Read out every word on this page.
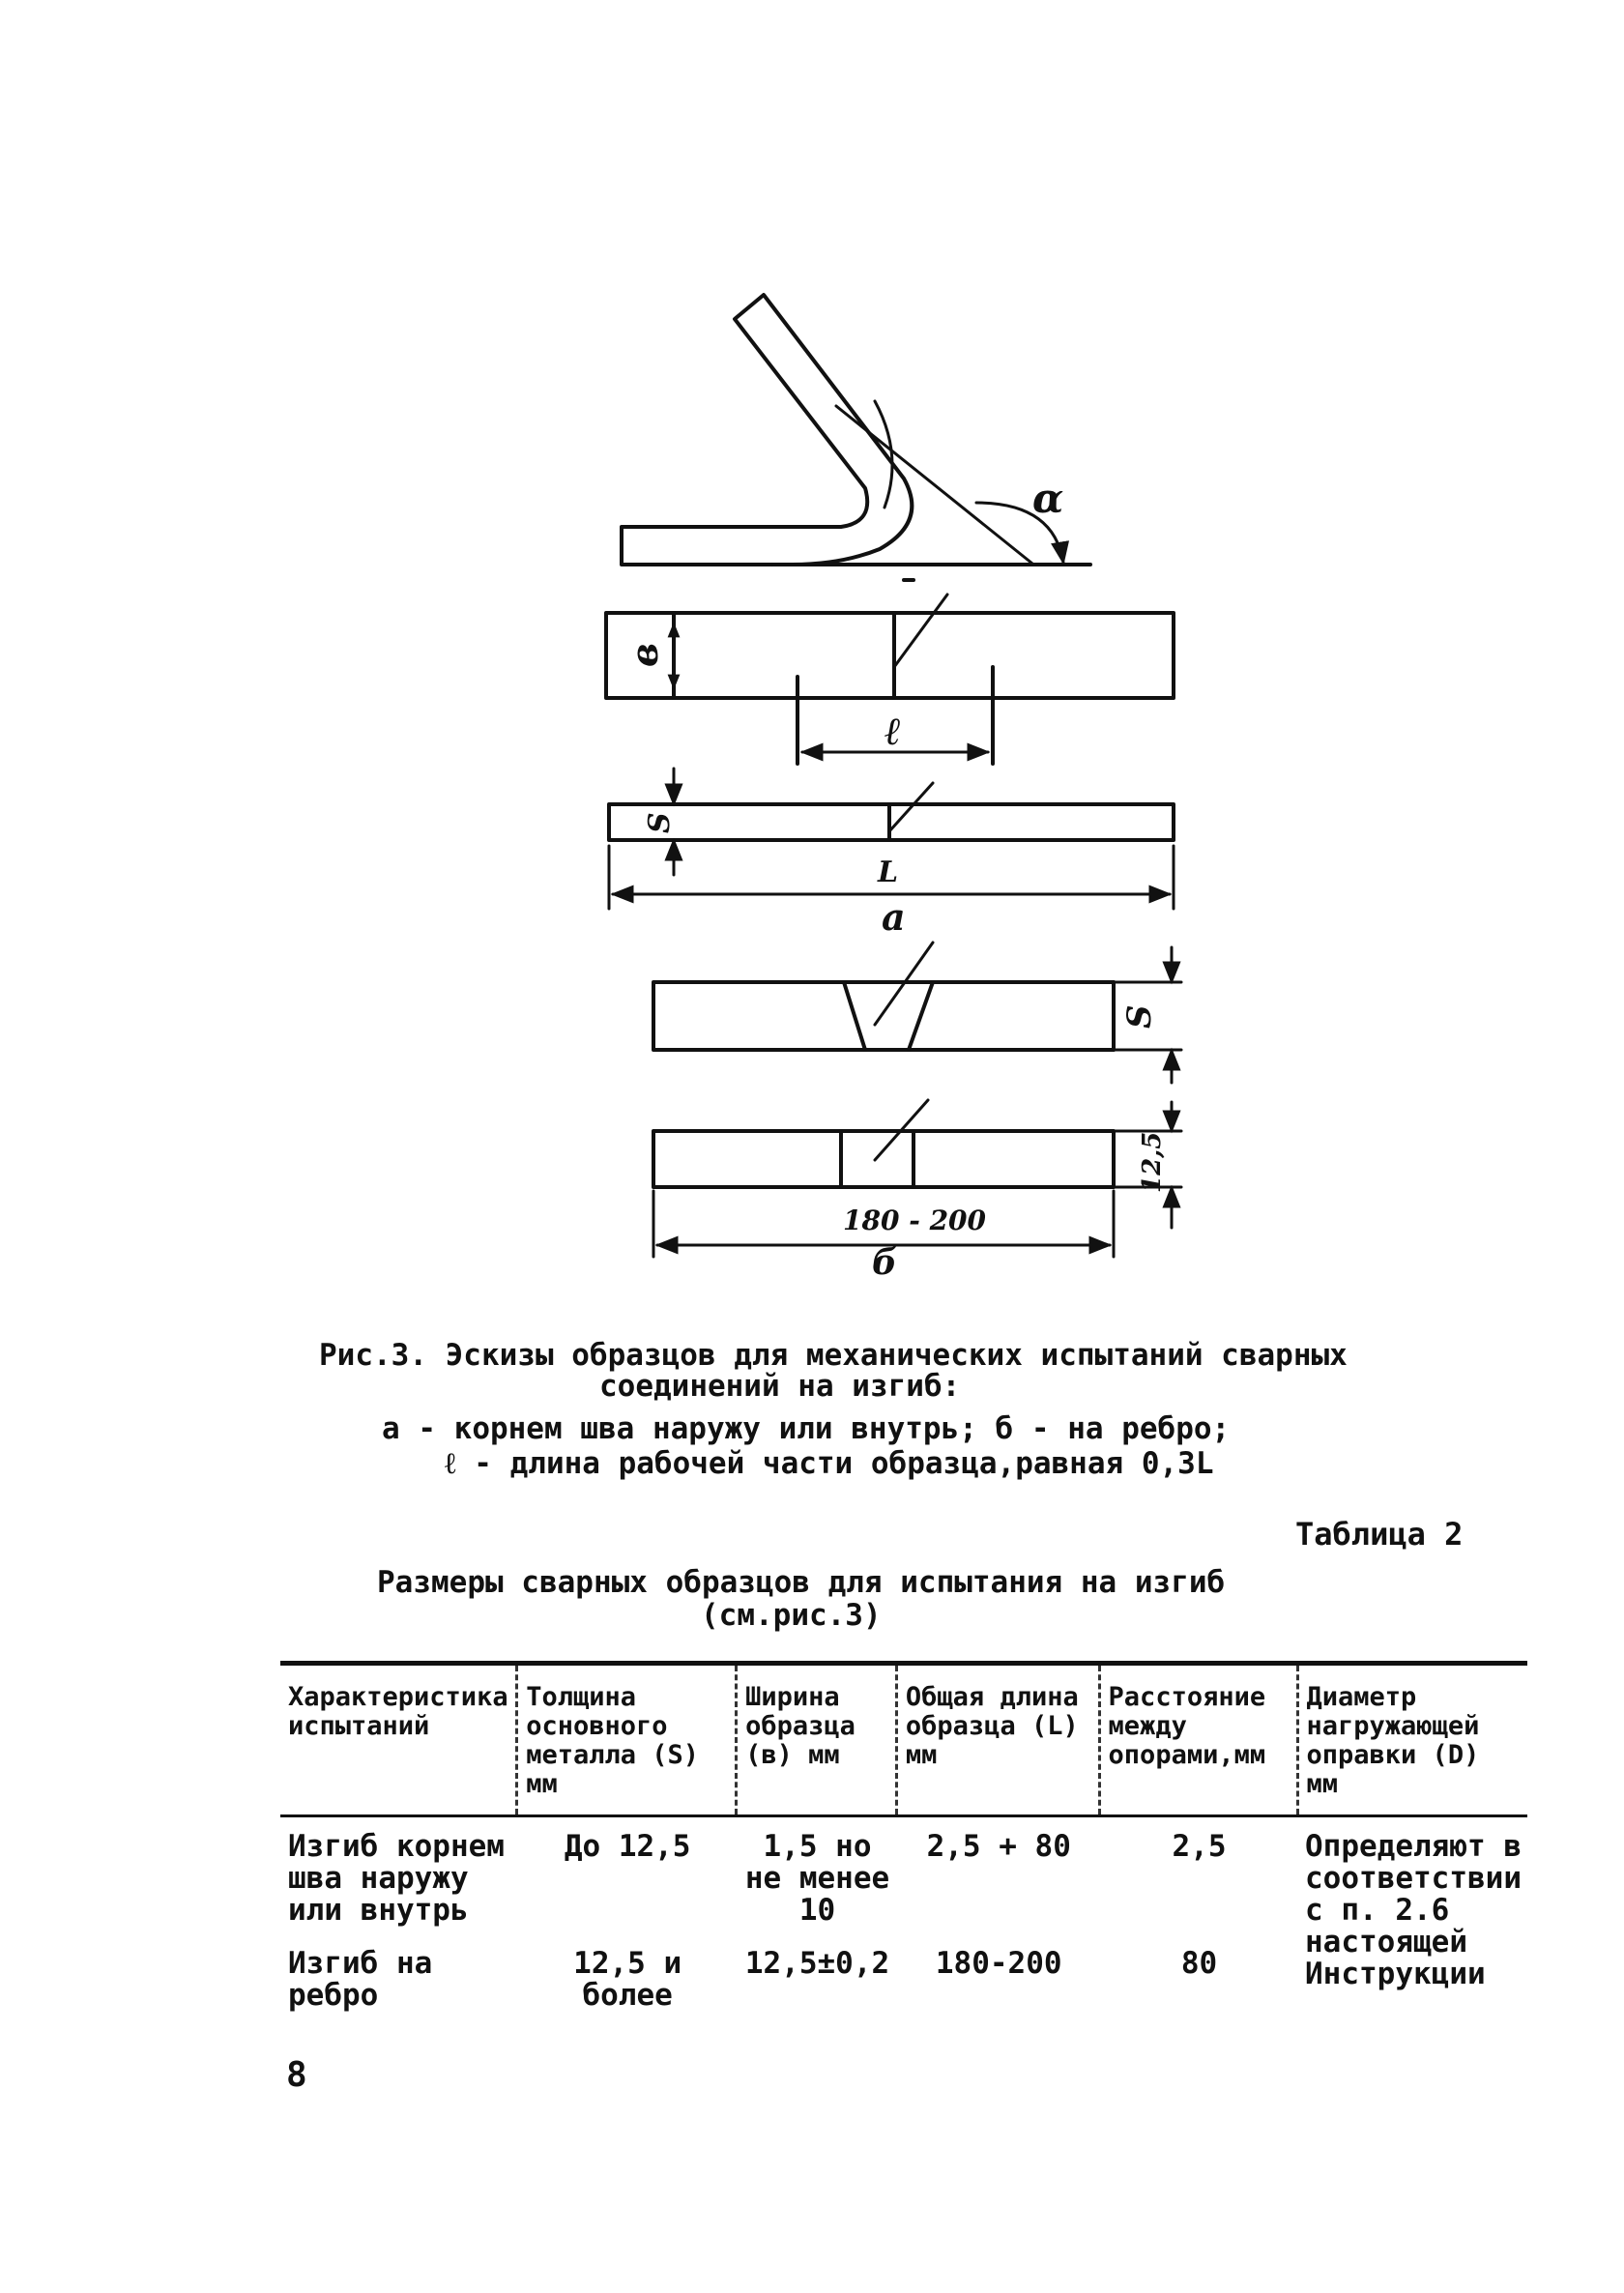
α
в
ℓ
S
L
а
S
180 - 200
12,5
б
Рис.3. Эскизы образцов для механических испытаний сварных
соединений на изгиб:
а - корнем шва наружу или внутрь; б - на ребро;
ℓ - длина рабочей части образца,равная 0,3L
Таблица 2
Размеры сварных образцов для испытания на изгиб
(см.рис.3)
Характеристика испытаний	Толщина основного металла (S) мм	Ширина образца (в) мм	Общая длина образца (L) мм	Расстояние между опорами,мм	Диаметр нагружающей оправки (D) мм
Изгиб корнем шва наружу или внутрь	До 12,5	1,5 но не менее 10	2,5 + 80	2,5	Определяют в соответствии с п. 2.6 настоящей Инструкции
Изгиб на ребро	12,5 и более	12,5±0,2	180-200	80	
8
